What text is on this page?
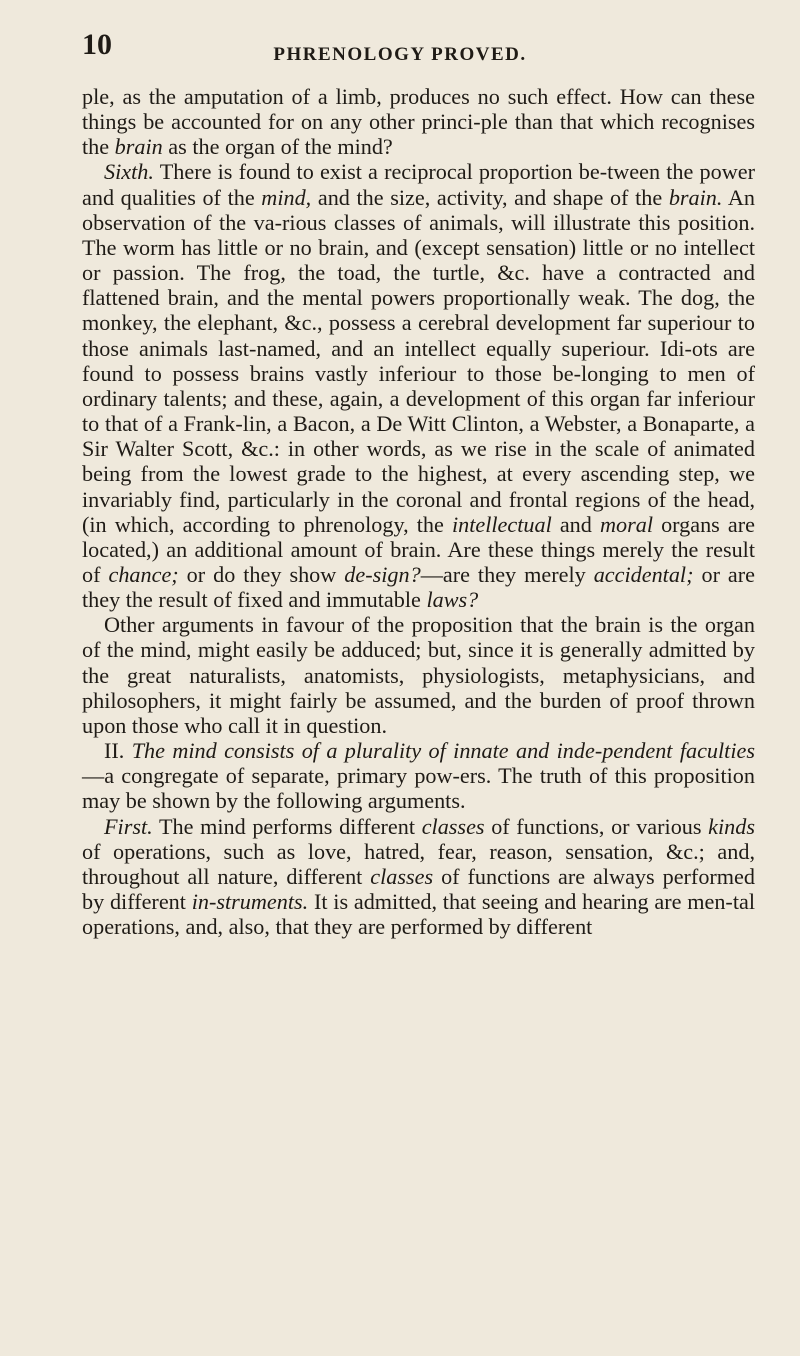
10	PHRENOLOGY PROVED.

ple, as the amputation of a limb, produces no such effect. How can these things be accounted for on any other princi-ple than that which recognises the brain as the organ of the mind?

Sixth. There is found to exist a reciprocal proportion be-tween the power and qualities of the mind, and the size, activity, and shape of the brain. An observation of the va-rious classes of animals, will illustrate this position. The worm has little or no brain, and (except sensation) little or no intellect or passion. The frog, the toad, the turtle, &c. have a contracted and flattened brain, and the mental powers proportionally weak. The dog, the monkey, the elephant, &c., possess a cerebral development far superiour to those animals last-named, and an intellect equally superiour. Idi-ots are found to possess brains vastly inferiour to those be-longing to men of ordinary talents; and these, again, a development of this organ far inferiour to that of a Frank-lin, a Bacon, a De Witt Clinton, a Webster, a Bonaparte, a Sir Walter Scott, &c.: in other words, as we rise in the scale of animated being from the lowest grade to the highest, at every ascending step, we invariably find, particularly in the coronal and frontal regions of the head, (in which, according to phrenology, the intellectual and moral organs are located,) an additional amount of brain. Are these things merely the result of chance; or do they show de-sign?—are they merely accidental; or are they the result of fixed and immutable laws?

Other arguments in favour of the proposition that the brain is the organ of the mind, might easily be adduced; but, since it is generally admitted by the great naturalists, anatomists, physiologists, metaphysicians, and philosophers, it might fairly be assumed, and the burden of proof thrown upon those who call it in question.

II. The mind consists of a plurality of innate and inde-pendent faculties—a congregate of separate, primary pow-ers. The truth of this proposition may be shown by the following arguments.

First. The mind performs different classes of functions, or various kinds of operations, such as love, hatred, fear, reason, sensation, &c.; and, throughout all nature, different classes of functions are always performed by different in-struments. It is admitted, that seeing and hearing are men-tal operations, and, also, that they are performed by different
